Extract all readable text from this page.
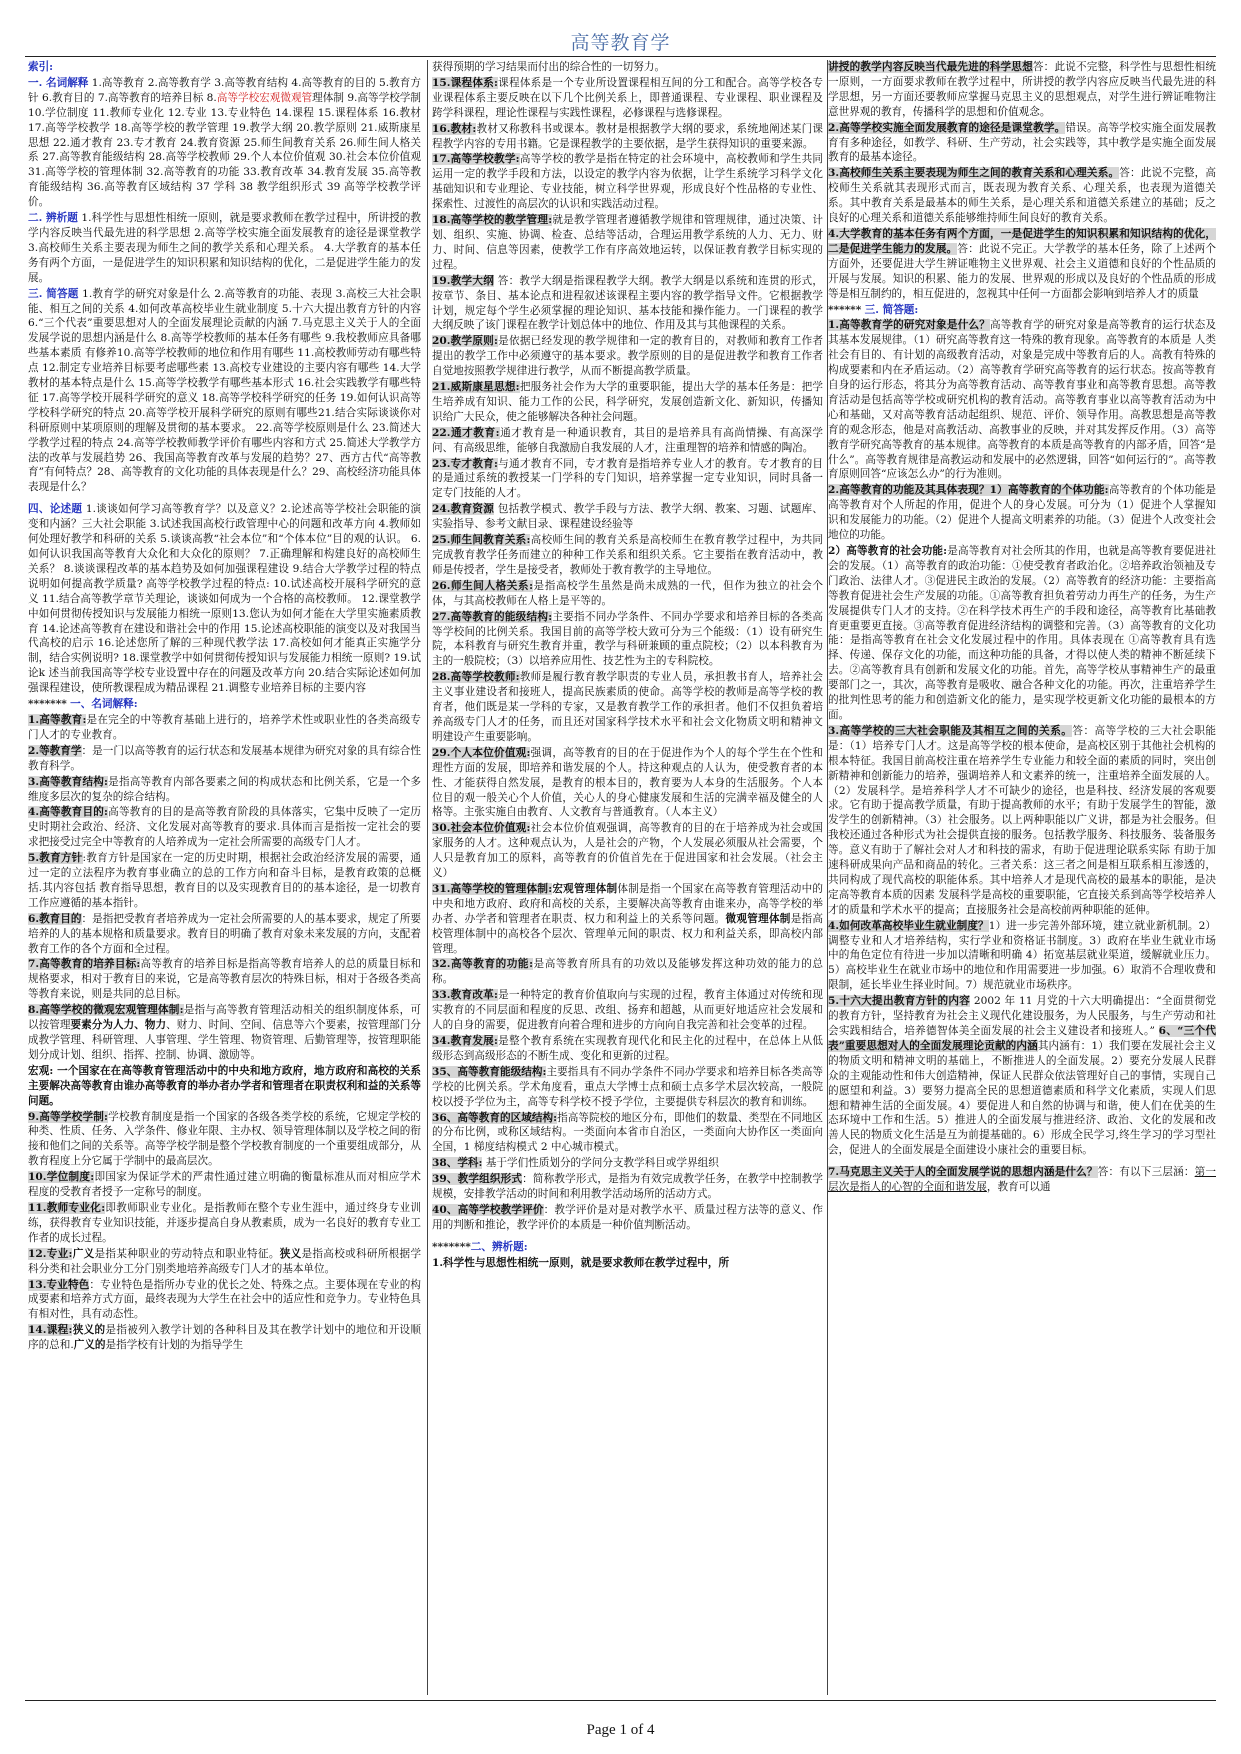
高等教育学

索引:

一. 名词解释 1.高等教育 2.高等教育学 3.高等教育结构 4.高等教育的目的 5.教育方针 6.教育目的 7.高等教育的培养目标 8.高等学校宏观微观管理体制 9.高等学校学制 10.学位制度 11.教师专业化 12.专业 13.专业特色 14.课程 15.课程体系 16.教材 17.高等学校教学 18.高等学校的教学管理 19.教学大纲 20.教学原则 21.威斯康星思想 22.通才教育 23.专才教育 24.教育资源 25.师生间教育关系 26.师生间人格关系 27.高等教育能级结构 28.高等学校教师 29.个人本位价值观 30.社会本位价值观 31.高等学校的管理体制 32.高等教育的功能 33.教育改革 34.教育发展 35.高等教育能级结构 36.高等教育区域结构 37 学科 38 教学组织形式 39 高等学校教学评价。

二. 辨析题 1.科学性与思想性相统一原则，就是要求教师在教学过程中，所讲授的教学内容反映当代最先进的科学思想 2.高等学校实施全面发展教育的途径是课堂教学 3.高校师生关系主要表现为师生之间的教学关系和心理关系。 4.大学教育的基本任务有两个方面，一是促进学生的知识积累和知识结构的优化，二是促进学生能力的发展。

三. 简答题 1.教育学的研究对象是什么 2.高等教育的功能、表现 3.高校三大社会职能、相互之间的关系 4.如何改革高校毕业生就业制度 5.十六大提出教育方针的内容 6.“三个代表”重要思想对人的全面发展理论贡献的内涵 7.马克思主义关于人的全面发展学说的思想内涵是什么 8.高等学校教师的基本任务有哪些 9.我校教师应具备哪些基本素质 有修养10.高等学校教师的地位和作用有哪些 11.高校教师劳动有哪些特点 12.制定专业培养目标要考虑哪些素 13.高校专业建设的主要内容有哪些 14.大学教材的基本特点是什么 15.高等学校教学有哪些基本形式 16.社会实践教学有哪些特征 17.高等学校开展科学研究的意义 18.高等学校科学研究的任务 19.如何认识高等学校科学研究的特点 20.高等学校开展科学研究的原则有哪些21.结合实际谈谈你对科研原则中某项原则的理解及贯彻的基本要求。 22.高等学校原则是什么 23.简述大学教学过程的特点 24.高等学校教师教学评价有哪些内容和方式 25.简述大学教学方法的改革与发展趋势 26、我国高等教育改革与发展的趋势？27、西方古代“高等教育”有何特点？28、高等教育的文化功能的具体表现是什么？29、高校经济功能具体表现是什么？

四、论述题 1.谈谈如何学习高等教育学？以及意义？2.论述高等学校社会职能的演变和内涵？三大社会职能 3.试述我国高校行政管理中心的问题和改革方向 4.教师如何处理好教学和科研的关系 5.谈谈高教“社会本位”和“个体本位”目的观的认识。 6.如何认识我国高等教育大众化和大众化的原则？ 7.正确理解和构建良好的高校师生关系？ 8.谈谈课程改革的基本趋势及如何加强课程建设 9.结合大学教学过程的特点说明如何提高教学质量? 高等学校教学过程的特点: 10.试述高校开展科学研究的意义 11.结合高等教学章节关理论，谈谈如何成为一个合格的高校教师。 12.课堂教学中如何贯彻传授知识与发展能力相统一原则13.您认为如何才能在大学里实施素质教育 14.论述高等教育在建设和谐社会中的作用 15.论述高校职能的演变以及对我国当代高校的启示 16.论述您所了解的三种现代教学法 17.高校如何才能真正实施学分制，结合实例说明? 18.课堂教学中如何贯彻传授知识与发展能力相统一原则? 19.试论k 述当前我国高等学校专业设置中存在的问题及改革方向 20.结合实际论述如何加强课程建设，使所教课程成为精品课程 21.调整专业培养目标的主要内容

******* 一、名词解释:

1.高等教育:是在完全的中等教育基础上进行的，培养学术性或职业性的各类高级专门人才的专业教育。

2.等教育学：是一门以高等教育的运行状态和发展基本规律为研究对象的具有综合性教育科学。

3.高等教育结构:是指高等教育内部各要素之间的构成状态和比例关系，它是一个多维度多层次的复杂的综合结构。

4.高等教育目的:高等教育的目的是高等教育阶段的具体落实，它集中反映了一定历史时期社会政治、经济、文化发展对高等教育的要求.具体而言是指按一定社会的要求把接受过完全中等教育的人培养成为一定社会所需要的高级专门人才。

5.教育方针:教育方针是国家在一定的历史时期，根据社会政治经济发展的需要，通过一定的立法程序为教育事业确立的总的工作方向和奋斗目标，是教育政策的总概括.其内容包括 教育指导思想，教育目的以及实现教育目的的基本途径，是一切教育工作应遵循的基本指针。

6.教育目的：是指把受教育者培养成为一定社会所需要的人的基本要求，规定了所要培养的人的基本规格和质量要求。教育目的明确了教育对象未来发展的方向，支配着教育工作的各个方面和全过程。

7.高等教育的培养目标:高等教育的培养目标是指高等教育培养人的总的质量目标和规格要求，相对于教育目的来说，它是高等教育层次的特殊目标，相对于各级各类高等教育来说，则是共同的总目标。

8.高等学校的微观宏观管理体制:是指与高等教育管理活动相关的组织制度体系，可以按管理要素分为人力、物力、财力、时间、空间、信息等六个要素，按管理部门分成教学管理、科研管理、人事管理、学生管理、物资管理、后勤管理等，按管理职能划分成计划、组织、指挥、控制、协调、激励等。

宏观: 一个国家在在高等教育管理活动中的中央和地方政府，地方政府和高校的关系主要解决高等教育由谁办高等教育的举办者办学者和管理者在职责权利和益的关系等问题。

9.高等学校学制:学校教育制度是指一个国家的各级各类学校的系统，它规定学校的种类、性质、任务、入学条件、修业年限、主办权、领导管理体制以及学校之间的衔接和他们之间的关系等。高等学校学制是整个学校教育制度的一个重要组成部分，从教育程度上分它属于学制中的最高层次。

10.学位制度:即国家为保证学术的严肃性通过建立明确的衡量标准从而对相应学术程度的受教育者授予一定称号的制度。

11.教师专业化:即教师职业专业化。是指教师在整个专业生涯中，通过终身专业训练，获得教育专业知识技能，并逐步提高自身从教素质，成为一名良好的教育专业工作者的成长过程。

12.专业:广义是指某种职业的劳动特点和职业特征。狭义是指高校或科研所根据学科分类和社会职业分工分门别类地培养高级专门人才的基本单位。

13.专业特色：专业特色是指所办专业的优长之处、特殊之点。主要体现在专业的构成要素和培养方式方面，最终表现为大学生在社会中的适应性和竞争力。专业特色具有相对性，具有动态性。

14.课程:狭义的是指被列入教学计划的各种科目及其在教学计划中的地位和开设顺序的总和.广义的是指学校有计划的为指导学生

获得预期的学习结果而付出的综合性的一切努力。

15.课程体系:课程体系是一个专业所设置课程相互间的分工和配合。高等学校各专业课程体系主要反映在以下几个比例关系上，即普通课程、专业课程、职业课程及跨学科课程，理论性课程与实践性课程，必修课程与选修课程。

16.教材:教材又称教科书或课本。教材是根据教学大纲的要求，系统地阐述某门课程教学内容的专用书籍。它是课程教学的主要依据，是学生获得知识的重要来源。

17.高等学校教学:高等学校的教学是指在特定的社会环境中，高校教师和学生共同运用一定的教学手段和方法，以设定的教学内容为依据，让学生系统学习科学文化基础知识和专业理论、专业技能，树立科学世界观，形成良好个性品格的专业性、探索性、过渡性的高层次的认识和实践活动过程。

18.高等学校的教学管理:就是教学管理者遵循教学规律和管理规律，通过决策、计划、组织、实施、协调、检查、总结等活动，合理运用教学系统的人力、无力、财力、时间、信息等因素，使教学工作有序高效地运转，以保证教育教学目标实现的过程。

19.教学大纲 答：教学大纲是指课程教学大纲。教学大纲是以系统和连贯的形式，按章节、条目、基本论点和进程叙述该课程主要内容的教学指导文件。它根据教学计划，规定每个学生必须掌握的理论知识、基本技能和操作能力。一门课程的教学大纲反映了该门课程在教学计划总体中的地位、作用及其与其他课程的关系。

20.教学原则:是依据已经发现的教学规律和一定的教育目的，对教师和教育工作者提出的教学工作中必须遵守的基本要求。教学原则的目的是促进教学和教育工作者自觉地按照教学规律进行教学，从而不断提高教学质量。

21.威斯康星思想:把服务社会作为大学的重要职能，提出大学的基本任务是：把学生培养成有知识、能力工作的公民，科学研究，发展创造新文化、新知识，传播知识给广大民众，使之能够解决各种社会问题。

22.通才教育:通才教育是一种通识教育，其目的是培养具有高尚情操、有高深学问、有高级思维，能够自我激励自我发展的人才，注重理智的培养和情感的陶冶。

23.专才教育:与通才教育不同，专才教育是指培养专业人才的教育。专才教育的目的是通过系统的教授某一门学科的专门知识，培养掌握一定专业知识，同时具备一定专门技能的人才。

24.教育资源 包括教学模式、教学手段与方法、教学大纲、教案、习题、试题库、实验指导、参考文献目录、课程建设经验等

25.师生间教育关系:高校师生间的教育关系是高校师生在教育教学过程中，为共同完成教育教学任务而建立的种种工作关系和组织关系。它主要指在教育活动中，教师是传授者，学生是接受者，教师处于教育教学的主导地位。

26.师生间人格关系:是指高校学生虽然是尚未成熟的一代，但作为独立的社会个体，与其高校教师在人格上是平等的。

27.高等教育的能级结构:主要指不同办学条件、不同办学要求和培养目标的各类高等学校间的比例关系。我国目前的高等学校大致可分为三个能级：（1）设有研究生院，本科教育与研究生教育并重，教学与科研兼顾的重点院校；（2）以本科教育为主的一般院校；（3）以培养应用性、技艺性为主的专科院校。

28.高等学校教师:教师是履行教育教学职责的专业人员，承担教书育人，培养社会主义事业建设者和接班人，提高民族素质的使命。高等学校的教师是高等学校的教育者，他们既是某一学科的专家，又是教育教学工作的承担者。他们不仅担负着培养高级专门人才的任务，而且还对国家科学技术水平和社会文化物质文明和精神文明建设产生重要影响。

29.个人本位价值观:强调，高等教育的目的在于促进作为个人的每个学生在个性和理性方面的发展，即培养和谐发展的个人。持这种观点的人认为，使受教育者的本性、才能获得自然发展，是教育的根本目的，教育要为人本身的生活服务。个人本位目的观一般关心个人价值，关心人的身心健康发展和生活的完满幸福及健全的人格等。主张实施自由教育、人文教育与普通教育。（人本主义）

30.社会本位价值观:社会本位价值观强调，高等教育的目的在于培养成为社会或国家服务的人才。这种观点认为，人是社会的产物，个人发展必须服从社会需要，个人只是教育加工的原料，高等教育的价值首先在于促进国家和社会发展。（社会主义）

31.高等学校的管理体制:宏观管理体制体制是指一个国家在高等教育管理活动中的中央和地方政府、政府和高校的关系，主要解决高等教育由谁来办，高等学校的举办者、办学者和管理者在职责、权力和利益上的关系等问题。微观管理体制是指高校管理体制中的高校各个层次、管理单元间的职责、权力和利益关系，即高校内部管理。

32.高等教育的功能:是高等教育所具有的功效以及能够发挥这种功效的能力的总称。

33.教育改革:是一种特定的教育价值取向与实现的过程，教育主体通过对传统和现实教育的不同层面和程度的反思、改组、扬弃和超越，从而更好地适应社会发展和人的自身的需要，促进教育向着合理和进步的方向向自我完善和社会变革的过程。

34.教育发展:是整个教育系统在实现教育现代化和民主化的过程中，在总体上从低级形态到高级形态的不断生成、变化和更新的过程。

35、高等教育能级结构:主要指具有不同办学条件不同办学要求和培养目标各类高等学校的比例关系。学术角度看，重点大学博士点和硕士点多学术层次较高，一般院校以授予学位为主，高等专科学校不授予学位，主要提供专科层次的教育和训练。

36、高等教育的区域结构:指高等院校的地区分布，即他们的数量、类型在不同地区的分布比例，或称区域结构。一类面向本省市自治区，一类面向大协作区一类面向全国，1 梯度结构模式 2 中心城市模式。

38、学科: 基于学们性质划分的学问分支教学科目或学界组织

39、教学组织形式：简称教学形式，是指为有效完成教学任务，在教学中控制教学规模，安排教学活动的时间和利用教学活动场所的活动方式。

40、高等学校教学评价：教学评价是对是对教学水平、质量过程方法等的意义、作用的判断和推论，教学评价的本质是一种价值判断活动。

*******二、辨析题:

1.科学性与思想性相统一原则，就是要求教师在教学过程中，所

讲授的教学内容反映当代最先进的科学思想答：此说不完整，科学性与思想性相统一原则，一方面要求教师在教学过程中，所讲授的教学内容应反映当代最先进的科学思想，另一方面还要教师应掌握马克思主义的思想观点，对学生进行辨证唯物注意世界观的教育，传播科学的思想和价值观念。

2.高等学校实施全面发展教育的途径是课堂教学。错误。高等学校实施全面发展教育有多种途径，如教学、科研、生产劳动，社会实践等，其中教学是实施全面发展教育的最基本途径。

3.高校师生关系主要表现为师生之间的教育关系和心理关系。答：此说不完整，高校师生关系就其表现形式而言，既表现为教育关系、心理关系，也表现为道德关系。其中教育关系是最基本的师生关系，是心理关系和道德关系建立的基础；反之良好的心理关系和道德关系能够维持师生间良好的教育关系。

4.大学教育的基本任务有两个方面，一是促进学生的知识积累和知识结构的优化，二是促进学生能力的发展。答：此说不完正。大学教学的基本任务，除了上述两个方面外，还要促进大学生辨证唯物主义世界观、社会主义道德和良好的个性品质的开展与发展。知识的积累、能力的发展、世界观的形成以及良好的个性品质的形成等是相互制约的，相互促进的，忽视其中任何一方面都会影响到培养人才的质量

****** 三. 简答题:

1.高等教育学的研究对象是什么？高等教育学的研究对象是高等教育的运行状态及其基本发展规律。（1）研究高等教育这一特殊的教育现象。高等教育的本质是 人类社会有目的、有计划的高级教育活动，对象是完成中等教育后的人。高教有特殊的构成要素和内在矛盾运动。（2）高等教育学研究高等教育的运行状态。按高等教育自身的运行形态，将其分为高等教育活动、高等教育事业和高等教育思想。高等教育活动是包括高等学校或研究机构的教育活动。高等教育事业以高等教育活动为中心和基础，又对高等教育活动起组织、规范、评价、领导作用。高教思想是高等教育的观念形态，他是对高教活动、高教事业的反映，并对其发挥反作用。（3）高等教育学研究高等教育的基本规律。高等教育的本质是高等教育的内部矛盾，回答“是什么”。高等教育规律是高教运动和发展中的必然逻辑，回答“如何运行的”。高等教育原则回答“应该怎么办”的行为准则。

2.高等教育的功能及其具体表现？1）高等教育的个体功能:高等教育的个体功能是高等教育对个人所起的作用，促进个人的身心发展。可分为（1）促进个人掌握知识和发展能力的功能。（2）促进个人提高文明素养的功能。（3）促进个人改变社会地位的功能。

2）高等教育的社会功能:是高等教育对社会所其的作用，也就是高等教育要促进社会的发展。（1）高等教育的政治功能：①使受教育者政治化。②培养政治领袖及专门政治、法律人才。③促进民主政治的发展。（2）高等教育的经济功能：主要指高等教育促进社会生产发展的功能。①高等教育担负着劳动力再生产的任务，为生产发展提供专门人才的支持。②在科学技术再生产的手段和途径，高等教育比基础教育更重要更直接。③高等教育促进经济结构的调整和完善。（3）高等教育的文化功能：是指高等教育在社会文化发展过程中的作用。具体表现在 ①高等教育具有选择、传递、保存文化的功能，而这种功能的具备，才得以使人类的精神不断延续下去。②高等教育具有创新和发展文化的功能。首先，高等学校从事精神生产的最重要部门之一，其次，高等教育是吸收、融合各种文化的功能。再次，注重培养学生的批判性思考的能力和创造新文化的能力，是实现学校更新文化功能的最根本的方面。

3.高等学校的三大社会职能及其相互之间的关系。答：高等学校的三大社会职能是：（1）培养专门人才。这是高等学校的根本使命，是高校区别于其他社会机构的根本特征。我国目前高校注重在培养学生专业能力和较全面的素质的同时，突出创新精神和创新能力的培养，强调培养人和文素养的统一，注重培养全面发展的人。（2）发展科学。是培养科学人才不可缺少的途径，也是科技、经济发展的客观要求。它有助于提高教学质量，有助于提高教师的水平；有助于发展学生的智能，激发学生的创新精神。（3）社会服务。以上两种职能以广义讲，都是为社会服务。但我校还通过各种形式为社会提供直接的服务。包括教学服务、科技服务、装备服务等。意义有助于了解社会对人才和科技的需求，有助于促进理论联系实际 有助于加速科研成果向产品和商品的转化。三者关系：这三者之间是相互联系相互渗透的，共同构成了现代高校的职能体系。其中培养人才是现代高校的最基本的职能，是决定高等教育本质的因素 发展科学是高校的重要职能，它直接关系到高等学校培养人才的质量和学术水平的提高；直接服务社会是高校前两种职能的延伸。

4.如何改革高校毕业生就业制度？1）进一步完善外部环境，建立就业新机制。2）调整专业和人才培养结构，实行学业和资格证书制度。3）政府在毕业生就业市场中的角色定位有待进一步加以清晰和明确 4）拓宽基层就业渠道，缓解就业压力。5）高校毕业生在就业市场中的地位和作用需要进一步加强。6）取消不合理收费和限制，延长毕业生择业时间。7）规范就业市场秩序。

5.十六大提出教育方针的内容 2002 年 11 月党的十六大明确提出：“全面贯彻党的教育方针，坚持教育为社会主义现代化建设服务，为人民服务，与生产劳动和社会实践相结合，培养德智体美全面发展的社会主义建设者和接班人。” 6、“三个代表”重要思想对人的全面发展理论贡献的内涵其内涵有：1）我们要在发展社会主义的物质文明和精神文明的基础上，不断推进人的全面发展。2）要充分发展人民群众的主观能动性和伟大创造精神，保证人民群众依法管理好自己的事情，实现自己的愿望和利益。3）要努力提高全民的思想道德素质和科学文化素质，实现人们思想和精神生活的全面发展。4）要促进人和自然的协调与和谐，使人们在优美的生态环境中工作和生活。5）推进人的全面发展与推进经济、政治、文化的发展和改善人民的物质文化生活是互为前提基础的。6）形成全民学习,终生学习的学习型社会，促进人的全面发展是全面建设小康社会的重要目标。

7.马克思主义关于人的全面发展学说的思想内涵是什么？答：有以下三层涵：第一层次是指人的心智的全面和谐发展，教育可以通

Page 1 of 4
